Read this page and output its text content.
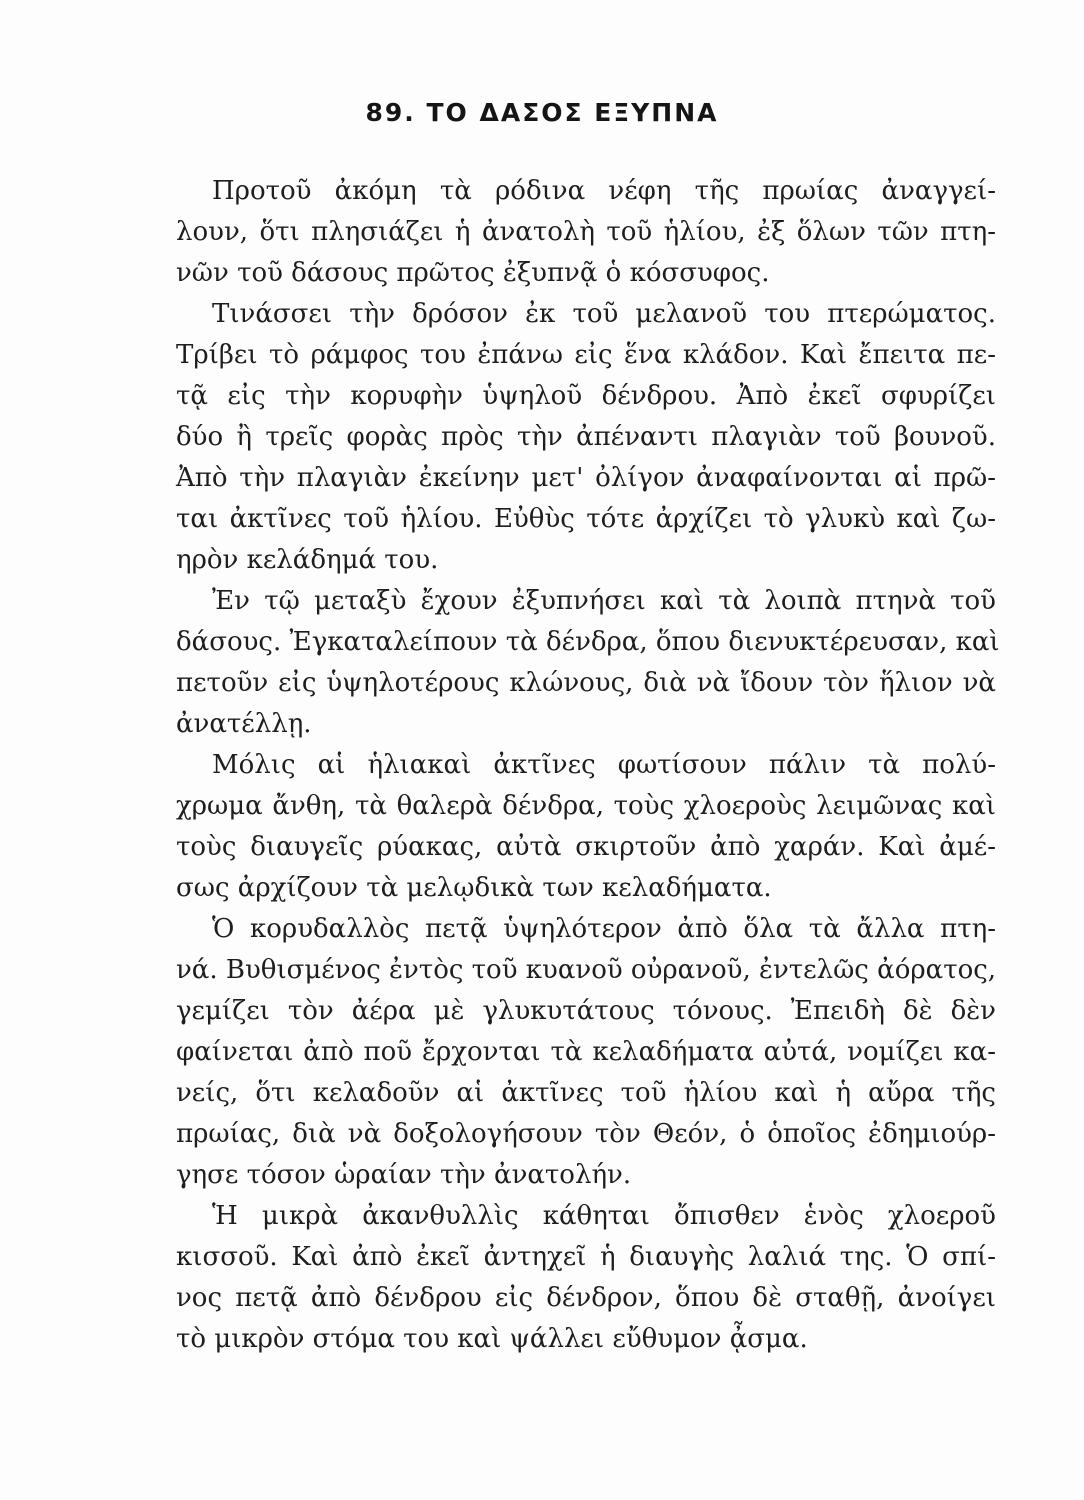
89. ΤΟ ΔΑΣΟΣ ΕΞΥΠΝΑ
Προτοῦ ἀκόμη τὰ ρόδινα νέφη τῆς πρωίας ἀναγγεί-
λουν, ὅτι πλησιάζει ἡ ἀνατολὴ τοῦ ἡλίου, ἐξ ὅλων τῶν πτη-
νῶν τοῦ δάσους πρῶτος ἐξυπνᾷ ὁ κόσσυφος.
Τινάσσει τὴν δρόσον ἐκ τοῦ μελανοῦ του πτερώματος.
Τρίβει τὸ ράμφος του ἐπάνω εἰς ἕνα κλάδον. Καὶ ἔπειτα πε-
τᾷ εἰς τὴν κορυφὴν ὑψηλοῦ δένδρου. Ἀπὸ ἐκεῖ σφυρίζει
δύο ἢ τρεῖς φορὰς πρὸς τὴν ἀπέναντι πλαγιὰν τοῦ βουνοῦ.
Ἀπὸ τὴν πλαγιὰν ἐκείνην μετ' ὀλίγον ἀναφαίνονται αἱ πρῶ-
ται ἀκτῖνες τοῦ ἡλίου. Εὐθὺς τότε ἀρχίζει τὸ γλυκὺ καὶ ζω-
ηρὸν κελάδημά του.
Ἐν τῷ μεταξὺ ἔχουν ἐξυπνήσει καὶ τὰ λοιπὰ πτηνὰ τοῦ
δάσους. Ἐγκαταλείπουν τὰ δένδρα, ὅπου διενυκτέρευσαν, καὶ
πετοῦν εἰς ὑψηλοτέρους κλώνους, διὰ νὰ ἴδουν τὸν ἥλιον νὰ
ἀνατέλλῃ.
Μόλις αἱ ἡλιακαὶ ἀκτῖνες φωτίσουν πάλιν τὰ πολύ-
χρωμα ἄνθη, τὰ θαλερὰ δένδρα, τοὺς χλοεροὺς λειμῶνας καὶ
τοὺς διαυγεῖς ρύακας, αὐτὰ σκιρτοῦν ἀπὸ χαράν. Καὶ ἀμέ-
σως ἀρχίζουν τὰ μελῳδικὰ των κελαδήματα.
Ὁ κορυδαλλὸς πετᾷ ὑψηλότερον ἀπὸ ὅλα τὰ ἄλλα πτη-
νά. Βυθισμένος ἐντὸς τοῦ κυανοῦ οὐρανοῦ, ἐντελῶς ἀόρατος,
γεμίζει τὸν ἀέρα μὲ γλυκυτάτους τόνους. Ἐπειδὴ δὲ δὲν
φαίνεται ἀπὸ ποῦ ἔρχονται τὰ κελαδήματα αὐτά, νομίζει κα-
νείς, ὅτι κελαδοῦν αἱ ἀκτῖνες τοῦ ἡλίου καὶ ἡ αὔρα τῆς
πρωίας, διὰ νὰ δοξολογήσουν τὸν Θεόν, ὁ ὁποῖος ἐδημιούρ-
γησε τόσον ὡραίαν τὴν ἀνατολήν.
Ἡ μικρὰ ἀκανθυλλὶς κάθηται ὄπισθεν ἑνὸς χλοεροῦ
κισσοῦ. Καὶ ἀπὸ ἐκεῖ ἀντηχεῖ ἡ διαυγὴς λαλιά της. Ὁ σπί-
νος πετᾷ ἀπὸ δένδρου εἰς δένδρον, ὅπου δὲ σταθῇ, ἀνοίγει
τὸ μικρὸν στόμα του καὶ ψάλλει εὔθυμον ᾆσμα.
